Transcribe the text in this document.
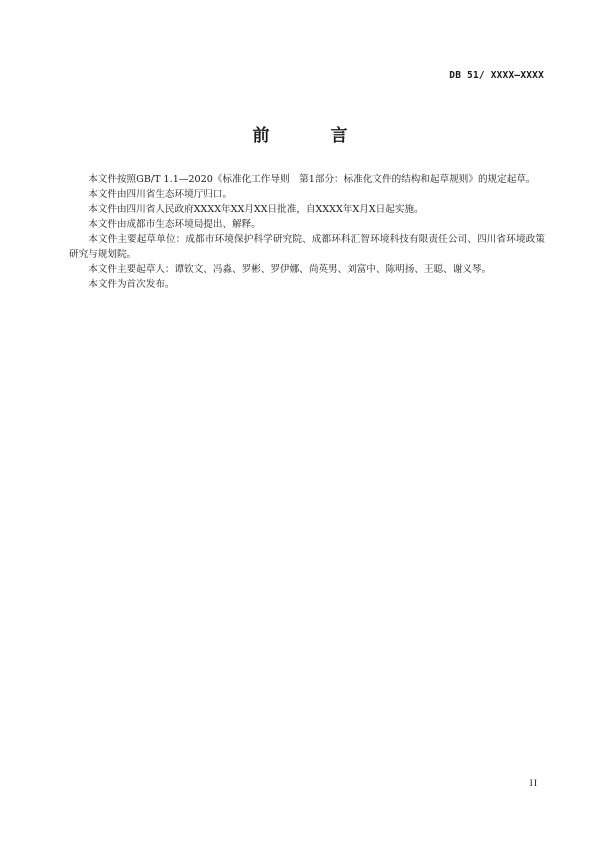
DB 51/ XXXX—XXXX
前　言

本文件按照GB/T 1.1—2020《标准化工作导则　第1部分：标准化文件的结构和起草规则》的规定起草。

本文件由四川省生态环境厅归口。

本文件由四川省人民政府XXXX年XX月XX日批准，自XXXX年X月X日起实施。

本文件由成都市生态环境局提出、解释。

本文件主要起草单位：成都市环境保护科学研究院、成都环科汇智环境科技有限责任公司、四川省环境政策研究与规划院。

本文件主要起草人：谭钦文、冯淼、罗彬、罗伊娜、尚英男、刘富中、陈明扬、王聪、谢义琴。

本文件为首次发布。

II
